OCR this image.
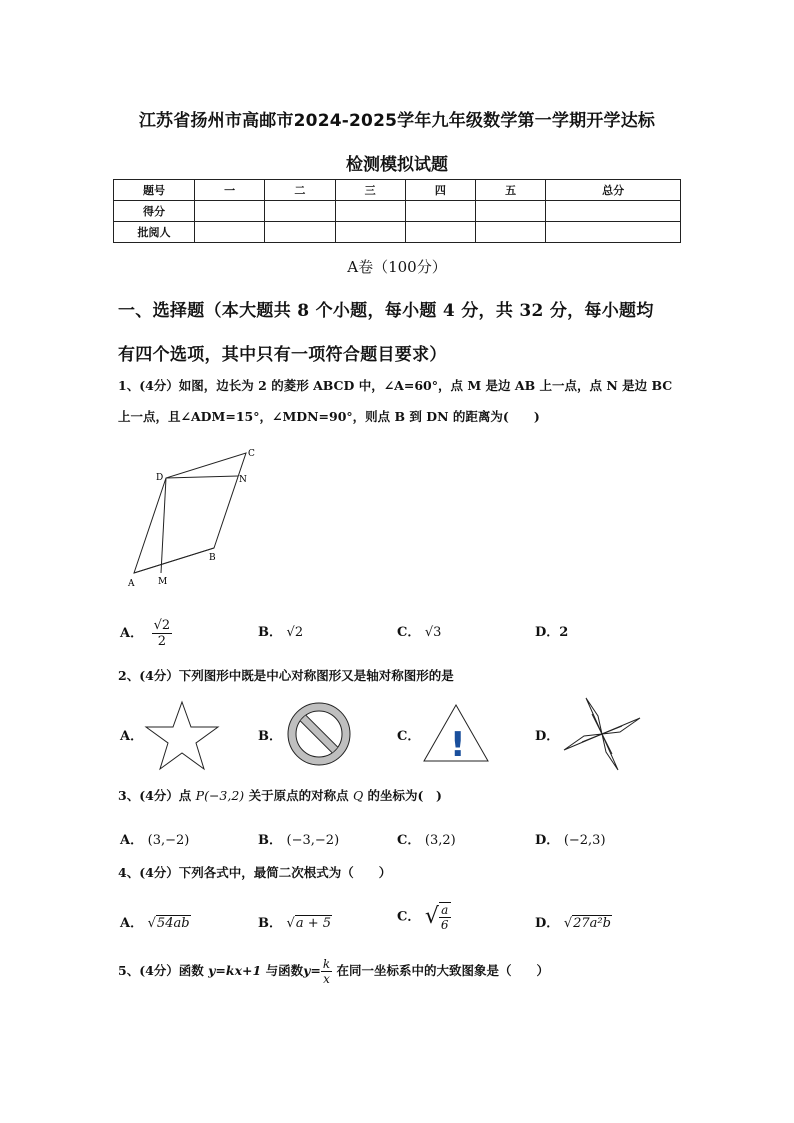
江苏省扬州市高邮市2024-2025学年九年级数学第一学期开学达标
检测模拟试题
题号	一	二	三	四	五	总分
得分						
批阅人						
A卷（100分）
一、选择题（本大题共 8 个小题，每小题 4 分，共 32 分，每小题均
有四个选项，其中只有一项符合题目要求）
1、(4分）如图，边长为 2 的菱形 ABCD 中，∠A=60°，点 M 是边 AB 上一点，点 N 是边 BC
上一点，且∠ADM=15°，∠MDN=90°，则点 B 到 DN 的距离为(　　)
A	M
B
C
D	N
A． $\frac{√2}{2}$	B． √2	C． √3	D．2
2、(4分）下列图形中既是中心对称图形又是轴对称图形的是
A．	B．	C． !	D．
3、(4分）点 P(−3,2) 关于原点的对称点 Q 的坐标为(　)
A． (3,−2)	B． (−3,−2)	C． (3,2)	D． (−2,3)
4、(4分）下列各式中，最简二次根式为（　　）
A． √54ab	B． √a + 5	C． √ $\frac{a}{6}$	D． √27a²b
5、(4分）函数 y=kx+1 与函数$y= \frac{k}{x}$ 在同一坐标系中的大致图象是（　　）
